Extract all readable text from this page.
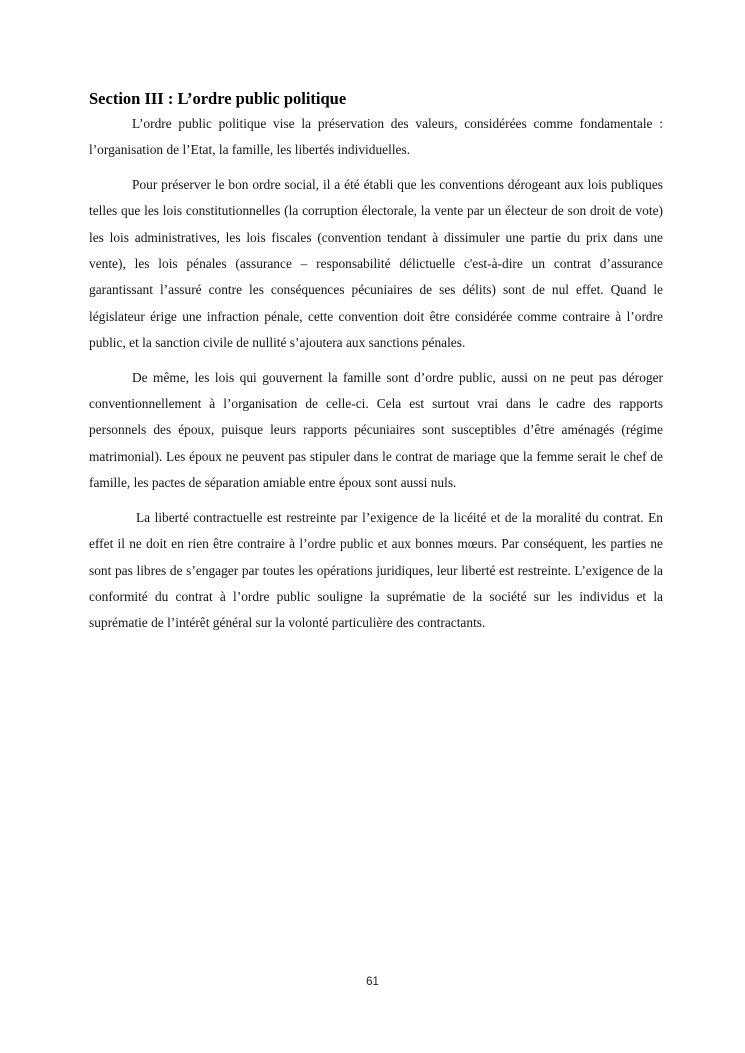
Section III : L’ordre public politique

L’ordre public politique vise la préservation des valeurs, considérées comme fondamentale : l’organisation de l’Etat, la famille, les libertés individuelles.

Pour préserver le bon ordre social, il a été établi que les conventions dérogeant aux lois publiques telles que les lois constitutionnelles (la corruption électorale, la vente par un électeur de son droit de vote) les lois administratives, les lois fiscales (convention tendant à dissimuler une partie du prix dans une vente), les lois pénales (assurance – responsabilité délictuelle c'est-à-dire un contrat d’assurance garantissant l’assuré contre les conséquences pécuniaires de ses délits) sont de nul effet. Quand le législateur érige une infraction pénale, cette convention doit être considérée comme contraire à l’ordre public, et la sanction civile de nullité s’ajoutera aux sanctions pénales.

De même, les lois qui gouvernent la famille sont d’ordre public, aussi on ne peut pas déroger conventionnellement à l’organisation de celle-ci. Cela est surtout vrai dans le cadre des rapports personnels des époux, puisque leurs rapports pécuniaires sont susceptibles d’être aménagés (régime matrimonial). Les époux ne peuvent pas stipuler dans le contrat de mariage que la femme serait le chef de famille, les pactes de séparation amiable entre époux sont aussi nuls.

La liberté contractuelle est restreinte par l’exigence de la licéité et de la moralité du contrat. En effet il ne doit en rien être contraire à l’ordre public et aux bonnes mœurs. Par conséquent, les parties ne sont pas libres de s’engager par toutes les opérations juridiques, leur liberté est restreinte. L’exigence de la conformité du contrat à l’ordre public souligne la suprématie de la société sur les individus et la suprématie de l’intérêt général sur la volonté particulière des contractants.

61
